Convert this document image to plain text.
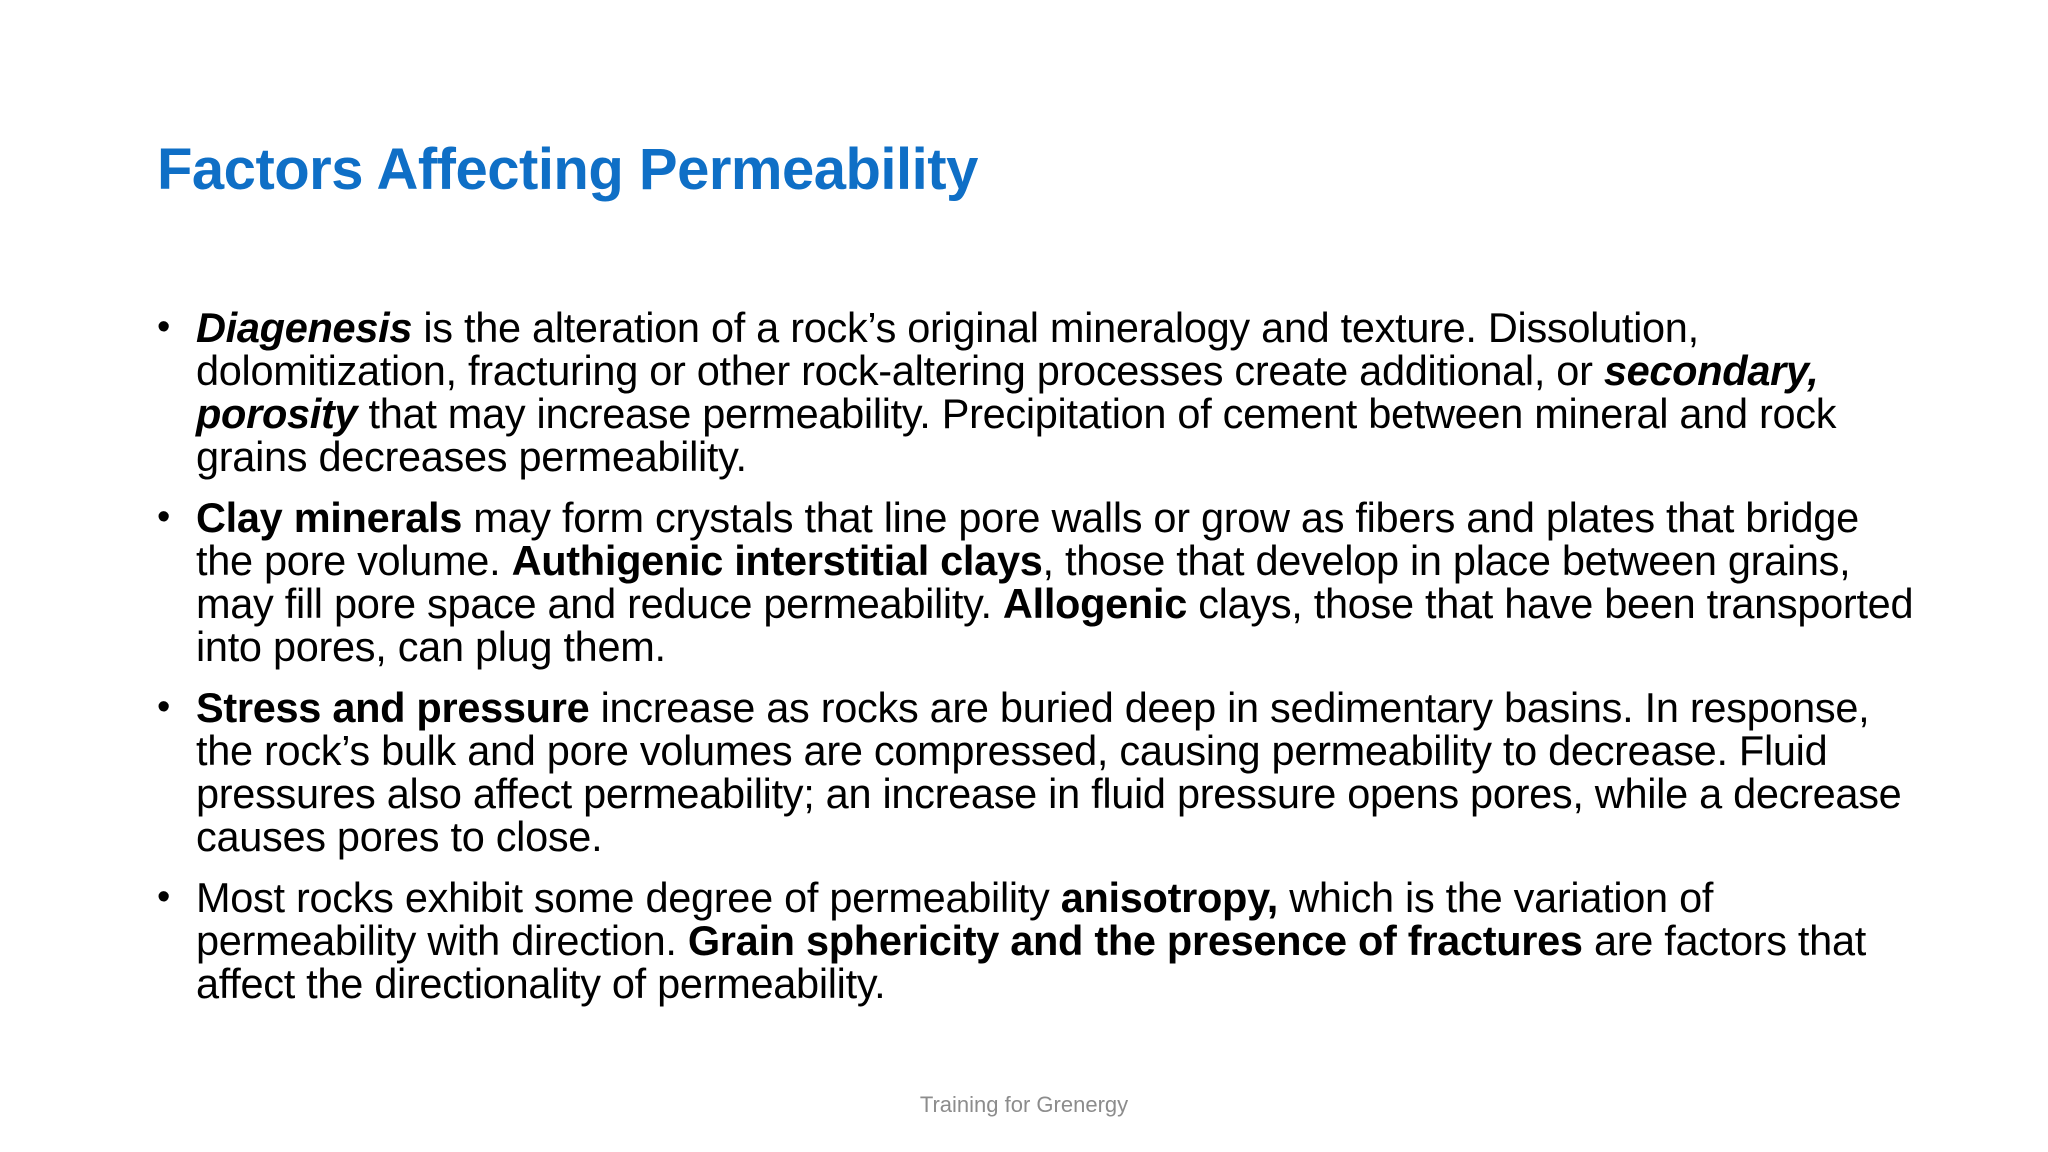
Factors Affecting Permeability
• Diagenesis is the alteration of a rock’s original mineralogy and texture. Dissolution, dolomitization, fracturing or other rock-altering processes create additional, or secondary, porosity that may increase permeability. Precipitation of cement between mineral and rock grains decreases permeability.
• Clay minerals may form crystals that line pore walls or grow as fibers and plates that bridge the pore volume. Authigenic interstitial clays, those that develop in place between grains, may fill pore space and reduce permeability. Allogenic clays, those that have been transported into pores, can plug them.
• Stress and pressure increase as rocks are buried deep in sedimentary basins. In response, the rock’s bulk and pore volumes are compressed, causing permeability to decrease. Fluid pressures also affect permeability; an increase in fluid pressure opens pores, while a decrease causes pores to close.
• Most rocks exhibit some degree of permeability anisotropy, which is the variation of permeability with direction. Grain sphericity and the presence of fractures are factors that affect the directionality of permeability.
Training for Grenergy
